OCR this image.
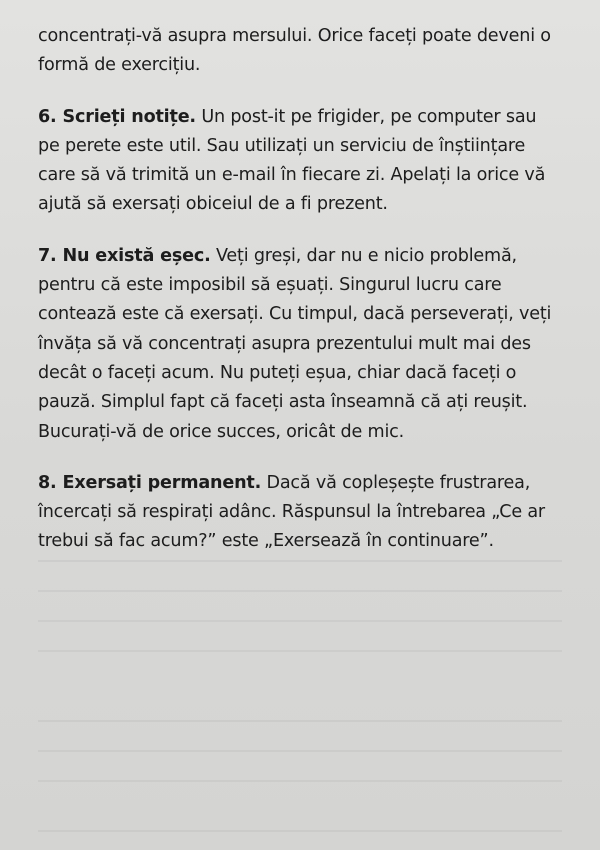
concentrați-vă asupra mersului. Orice faceți poate deveni o formă de exercițiu.

6. Scrieți notițe. Un post-it pe frigider, pe computer sau pe perete este util. Sau utilizați un serviciu de înștiințare care să vă trimită un e-mail în fiecare zi. Apelați la orice vă ajută să exersați obiceiul de a fi prezent.

7. Nu există eșec. Veți greși, dar nu e nicio problemă, pentru că este imposibil să eșuați. Singurul lucru care contează este că exersați. Cu timpul, dacă perseverați, veți învăța să vă concentrați asupra prezentului mult mai des decât o faceți acum. Nu puteți eșua, chiar dacă faceți o pauză. Simplul fapt că faceți asta înseamnă că ați reușit. Bucurați-vă de orice succes, oricât de mic.

8. Exersați permanent. Dacă vă copleșește frustrarea, încercați să respirați adânc. Răspunsul la întrebarea „Ce ar trebui să fac acum?” este „Exersează în continuare”.
